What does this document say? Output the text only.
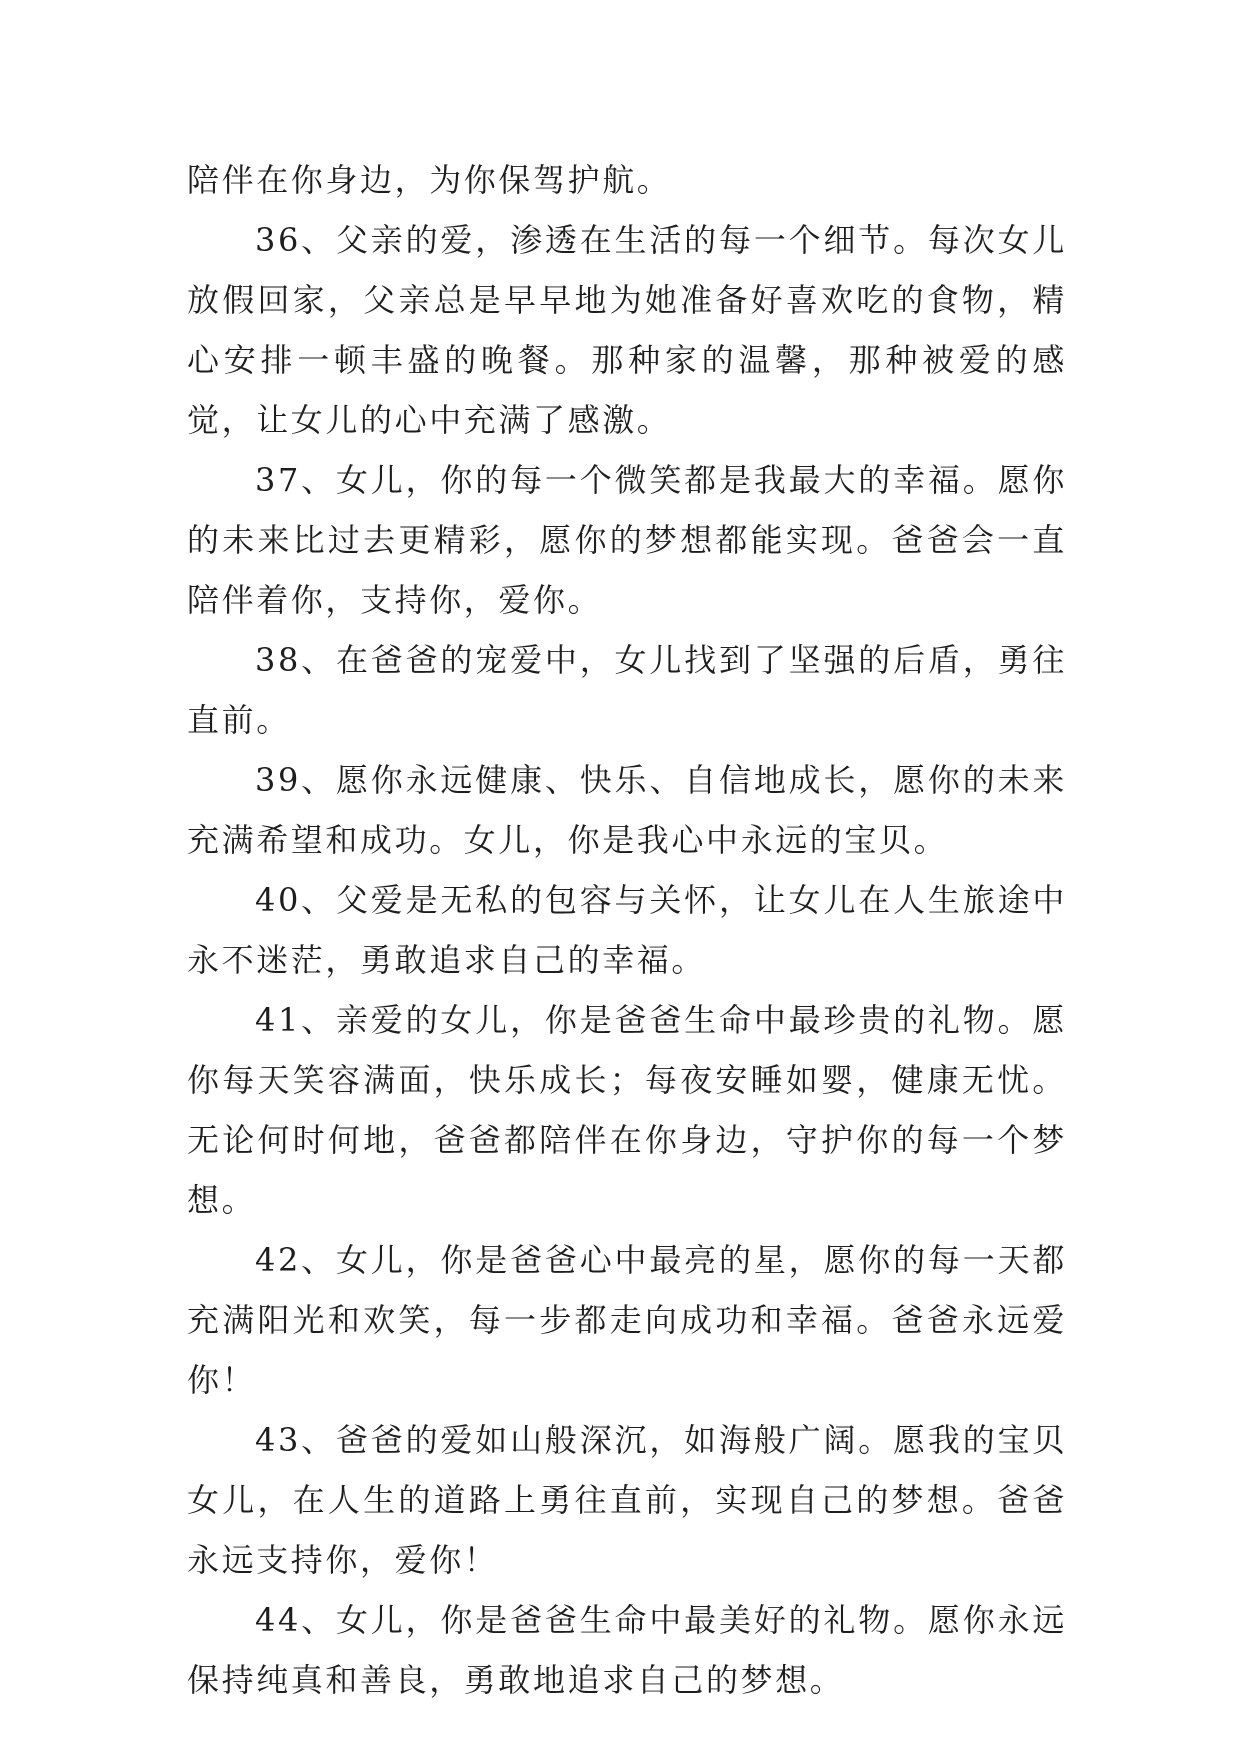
陪伴在你身边，为你保驾护航。

36、父亲的爱，渗透在生活的每一个细节。每次女儿放假回家，父亲总是早早地为她准备好喜欢吃的食物，精心安排一顿丰盛的晚餐。那种家的温馨，那种被爱的感觉，让女儿的心中充满了感激。

37、女儿，你的每一个微笑都是我最大的幸福。愿你的未来比过去更精彩，愿你的梦想都能实现。爸爸会一直陪伴着你，支持你，爱你。

38、在爸爸的宠爱中，女儿找到了坚强的后盾，勇往直前。

39、愿你永远健康、快乐、自信地成长，愿你的未来充满希望和成功。女儿，你是我心中永远的宝贝。

40、父爱是无私的包容与关怀，让女儿在人生旅途中永不迷茫，勇敢追求自己的幸福。

41、亲爱的女儿，你是爸爸生命中最珍贵的礼物。愿你每天笑容满面，快乐成长；每夜安睡如婴，健康无忧。无论何时何地，爸爸都陪伴在你身边，守护你的每一个梦想。

42、女儿，你是爸爸心中最亮的星，愿你的每一天都充满阳光和欢笑，每一步都走向成功和幸福。爸爸永远爱你！

43、爸爸的爱如山般深沉，如海般广阔。愿我的宝贝女儿，在人生的道路上勇往直前，实现自己的梦想。爸爸永远支持你，爱你！

44、女儿，你是爸爸生命中最美好的礼物。愿你永远保持纯真和善良，勇敢地追求自己的梦想。
